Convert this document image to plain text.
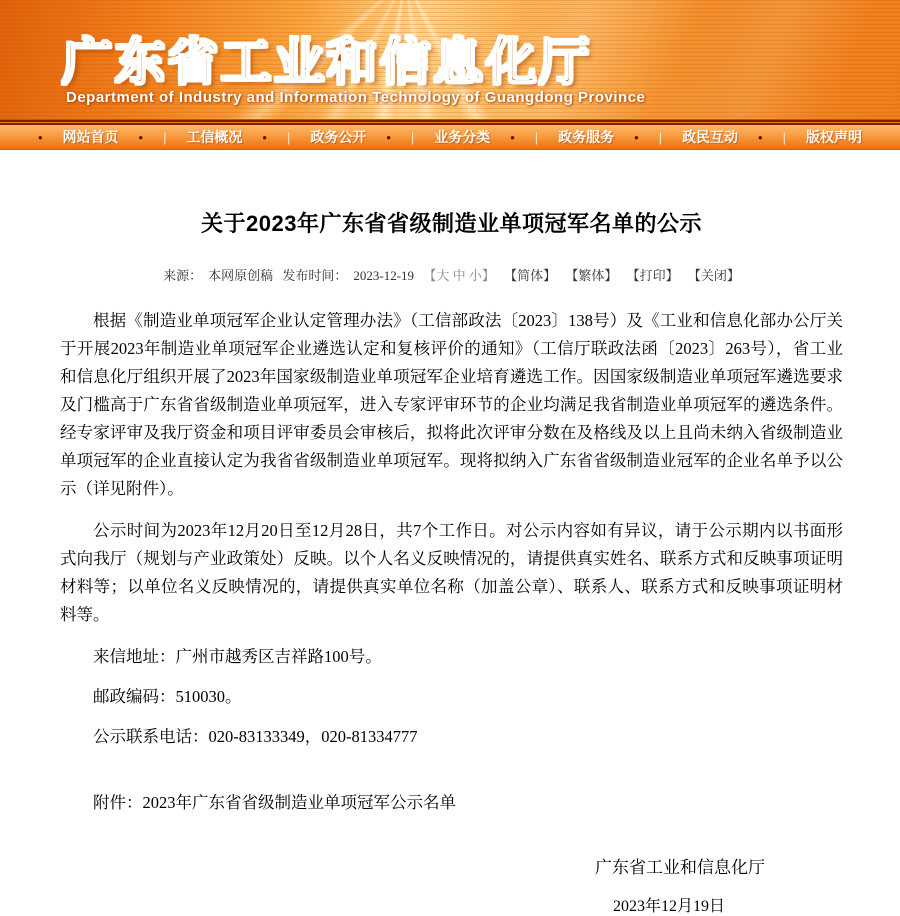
广东省工业和信息化厅
Department of Industry and Information Technology of Guangdong Province
• 网站首页 • | 工信概况 • | 政务公开 • | 业务分类 • | 政务服务 • | 政民互动 • | 版权声明
关于2023年广东省省级制造业单项冠军名单的公示
来源： 本网原创稿 发布时间： 2023-12-19 【大 中 小】 【简体】 【繁体】 【打印】 【关闭】

根据《制造业单项冠军企业认定管理办法》（工信部政法〔2023〕138号）及《工业和信息化部办公厅关于开展2023年制造业单项冠军企业遴选认定和复核评价的通知》（工信厅联政法函〔2023〕263号），省工业和信息化厅组织开展了2023年国家级制造业单项冠军企业培育遴选工作。因国家级制造业单项冠军遴选要求及门槛高于广东省省级制造业单项冠军，进入专家评审环节的企业均满足我省制造业单项冠军的遴选条件。经专家评审及我厅资金和项目评审委员会审核后，拟将此次评审分数在及格线及以上且尚未纳入省级制造业单项冠军的企业直接认定为我省省级制造业单项冠军。现将拟纳入广东省省级制造业冠军的企业名单予以公示（详见附件）。

公示时间为2023年12月20日至12月28日，共7个工作日。对公示内容如有异议，请于公示期内以书面形式向我厅（规划与产业政策处）反映。以个人名义反映情况的，请提供真实姓名、联系方式和反映事项证明材料等；以单位名义反映情况的，请提供真实单位名称（加盖公章）、联系人、联系方式和反映事项证明材料等。

来信地址：广州市越秀区吉祥路100号。

邮政编码：510030。

公示联系电话：020-83133349，020-81334777

附件：2023年广东省省级制造业单项冠军公示名单

广东省工业和信息化厅
2023年12月19日
